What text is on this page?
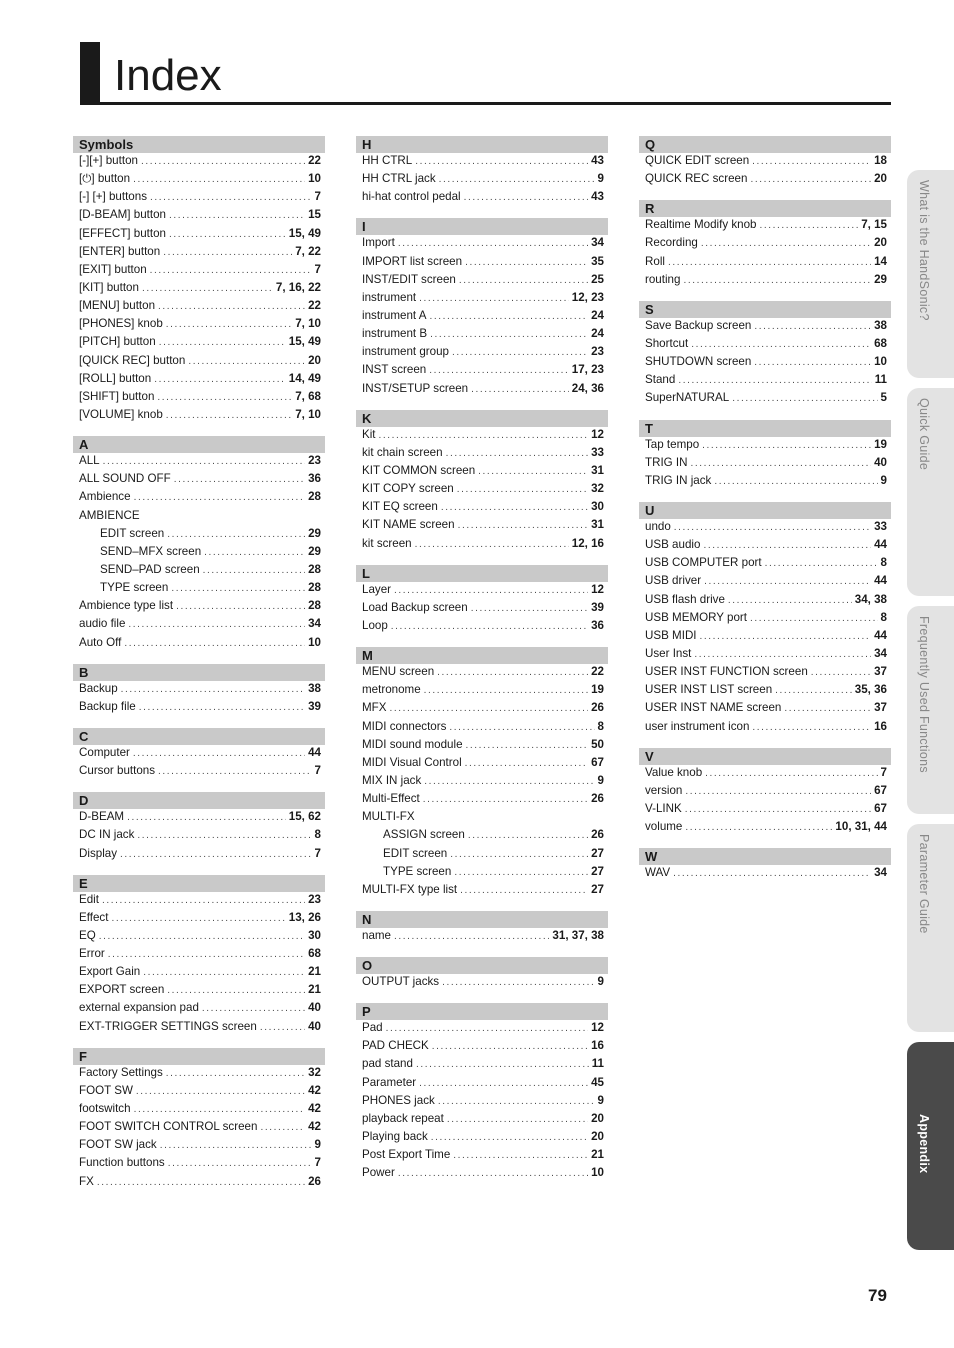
Index
Symbols
[-][+] button .....	22
[⏻] button .....	10
[-] [+] buttons .....	7
[D-BEAM] button .....	15
[EFFECT] button .....	15, 49
[ENTER] button .....	7, 22
[EXIT] button .....	7
[KIT] button .....	7, 16, 22
[MENU] button .....	22
[PHONES] knob .....	7, 10
[PITCH] button .....	15, 49
[QUICK REC] button .....	20
[ROLL] button .....	14, 49
[SHIFT] button .....	7, 68
[VOLUME] knob .....	7, 10
A
ALL .....	23
ALL SOUND OFF .....	36
Ambience .....	28
AMBIENCE
EDIT screen .....	29
SEND–MFX screen .....	29
SEND–PAD screen .....	28
TYPE screen .....	28
Ambience type list .....	28
audio file .....	34
Auto Off .....	10
B
Backup .....	38
Backup file .....	39
C
Computer .....	44
Cursor buttons .....	7
D
D-BEAM .....	15, 62
DC IN jack .....	8
Display .....	7
E
Edit .....	23
Effect .....	13, 26
EQ .....	30
Error .....	68
Export Gain .....	21
EXPORT screen .....	21
external expansion pad .....	40
EXT-TRIGGER SETTINGS screen .....	40
F
Factory Settings .....	32
FOOT SW .....	42
footswitch .....	42
FOOT SWITCH CONTROL screen .....	42
FOOT SW jack .....	9
Function buttons .....	7
FX .....	26
H
HH CTRL .....	43
HH CTRL jack .....	9
hi-hat control pedal .....	43
I
Import .....	34
IMPORT list screen .....	35
INST/EDIT screen .....	25
instrument .....	12, 23
instrument A .....	24
instrument B .....	24
instrument group .....	23
INST screen .....	17, 23
INST/SETUP screen .....	24, 36
K
Kit .....	12
kit chain screen .....	33
KIT COMMON screen .....	31
KIT COPY screen .....	32
KIT EQ screen .....	30
KIT NAME screen .....	31
kit screen .....	12, 16
L
Layer .....	12
Load Backup screen .....	39
Loop .....	36
M
MENU screen .....	22
metronome .....	19
MFX .....	26
MIDI connectors .....	8
MIDI sound module .....	50
MIDI Visual Control .....	67
MIX IN jack .....	9
Multi-Effect .....	26
MULTI-FX
ASSIGN screen .....	26
EDIT screen .....	27
TYPE screen .....	27
MULTI-FX type list .....	27
N
name .....	31, 37, 38
O
OUTPUT jacks .....	9
P
Pad .....	12
PAD CHECK .....	16
pad stand .....	11
Parameter .....	45
PHONES jack .....	9
playback repeat .....	20
Playing back .....	20
Post Export Time .....	21
Power .....	10
Q
QUICK EDIT screen .....	18
QUICK REC screen .....	20
R
Realtime Modify knob .....	7, 15
Recording .....	20
Roll .....	14
routing .....	29
S
Save Backup screen .....	38
Shortcut .....	68
SHUTDOWN screen .....	10
Stand .....	11
SuperNATURAL .....	5
T
Tap tempo .....	19
TRIG IN .....	40
TRIG IN jack .....	9
U
undo .....	33
USB audio .....	44
USB COMPUTER port .....	8
USB driver .....	44
USB flash drive .....	34, 38
USB MEMORY port .....	8
USB MIDI .....	44
User Inst .....	34
USER INST FUNCTION screen .....	37
USER INST LIST screen .....	35, 36
USER INST NAME screen .....	37
user instrument icon .....	16
V
Value knob .....	7
version .....	67
V-LINK .....	67
volume .....	10, 31, 44
W
WAV .....	34
What is the HandSonic?
Quick Guide
Frequently Used Functions
Parameter Guide
Appendix
79
